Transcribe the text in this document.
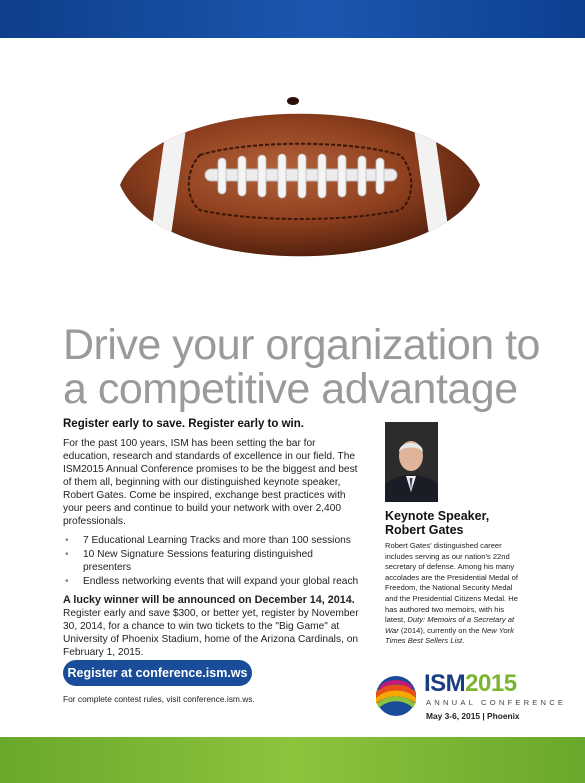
Drive your organization to
a competitive advantage
Register early to save. Register early to win.

For the past 100 years, ISM has been setting the bar for education, research and standards of excellence in our field. The ISM2015 Annual Conference promises to be the biggest and best of them all, beginning with our distinguished keynote speaker, Robert Gates. Come be inspired, exchange best practices with your peers and continue to build your network with over 2,400 professionals.

• 7 Educational Learning Tracks and more than 100 sessions
• 10 New Signature Sessions featuring distinguished presenters
• Endless networking events that will expand your global reach
A lucky winner will be announced on December 14, 2014.

Register early and save $300, or better yet, register by November 30, 2014, for a chance to win two tickets to the "Big Game" at University of Phoenix Stadium, home of the Arizona Cardinals, on February 1, 2015.

Register at conference.ism.ws
For complete contest rules, visit conference.ism.ws.
Keynote Speaker,
Robert Gates

Robert Gates' distinguished career includes serving as our nation's 22nd secretary of defense. Among his many accolades are the Presidential Medal of Freedom, the National Security Medal and the Presidential Citizens Medal. He has authored two memoirs, with his latest, Duty: Memoirs of a Secretary at War (2014), currently on the New York Times Best Sellers List.

ISM2015
ANNUAL CONFERENCE
May 3-6, 2015 | Phoenix
